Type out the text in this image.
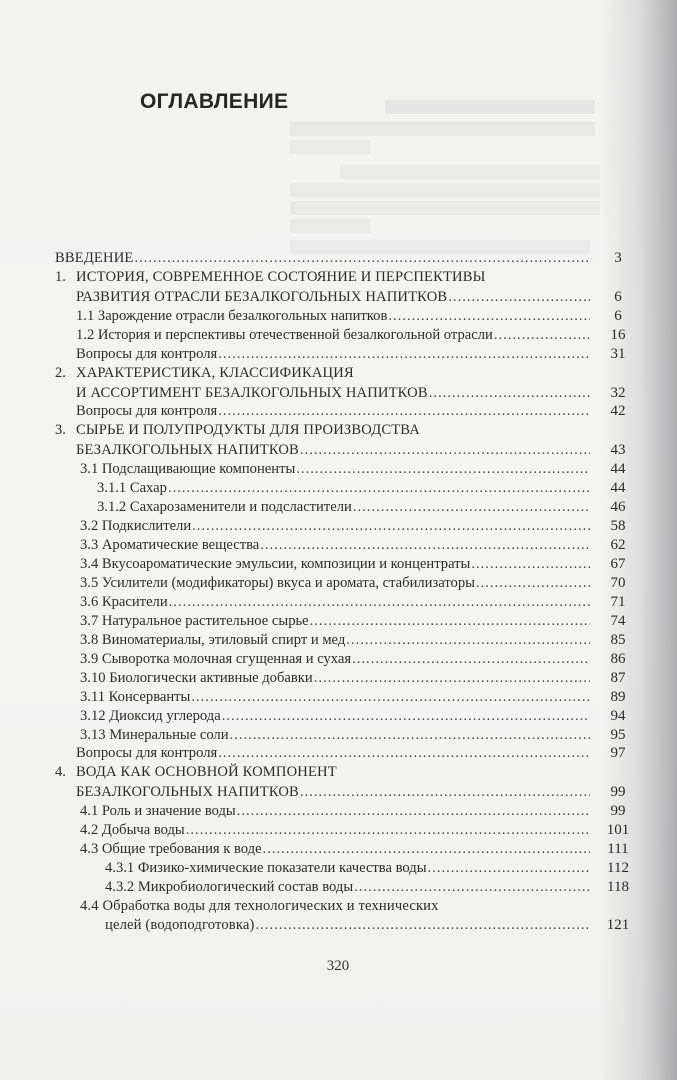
ОГЛАВЛЕНИЕ
ВВЕДЕНИЕ .....	3
1. ИСТОРИЯ, СОВРЕМЕННОЕ СОСТОЯНИЕ И ПЕРСПЕКТИВЫ
РАЗВИТИЯ ОТРАСЛИ БЕЗАЛКОГОЛЬНЫХ НАПИТКОВ .....	6
1.1 Зарождение отрасли безалкогольных напитков .....	6
1.2 История и перспективы отечественной безалкогольной отрасли .....	16
Вопросы для контроля .....	31
2. ХАРАКТЕРИСТИКА, КЛАССИФИКАЦИЯ
И АССОРТИМЕНТ БЕЗАЛКОГОЛЬНЫХ НАПИТКОВ .....	32
Вопросы для контроля .....	42
3. СЫРЬЕ И ПОЛУПРОДУКТЫ ДЛЯ ПРОИЗВОДСТВА
БЕЗАЛКОГОЛЬНЫХ НАПИТКОВ .....	43
3.1 Подслащивающие компоненты .....	44
3.1.1 Сахар .....	44
3.1.2 Сахарозаменители и подсластители .....	46
3.2 Подкислители .....	58
3.3 Ароматические вещества .....	62
3.4 Вкусоароматические эмульсии, композиции и концентраты .....	67
3.5 Усилители (модификаторы) вкуса и аромата, стабилизаторы .....	70
3.6 Красители .....	71
3.7 Натуральное растительное сырье .....	74
3.8 Виноматериалы, этиловый спирт и мед .....	85
3.9 Сыворотка молочная сгущенная и сухая .....	86
3.10 Биологически активные добавки .....	87
3.11 Консерванты .....	89
3.12 Диоксид углерода .....	94
3.13 Минеральные соли .....	95
Вопросы для контроля .....	97
4. ВОДА КАК ОСНОВНОЙ КОМПОНЕНТ
БЕЗАЛКОГОЛЬНЫХ НАПИТКОВ .....	99
4.1 Роль и значение воды .....	99
4.2 Добыча воды .....	101
4.3 Общие требования к воде .....	111
4.3.1 Физико-химические показатели качества воды .....	112
4.3.2 Микробиологический состав воды .....	118
4.4 Обработка воды для технологических и технических
целей (водоподготовка) .....	121
320
